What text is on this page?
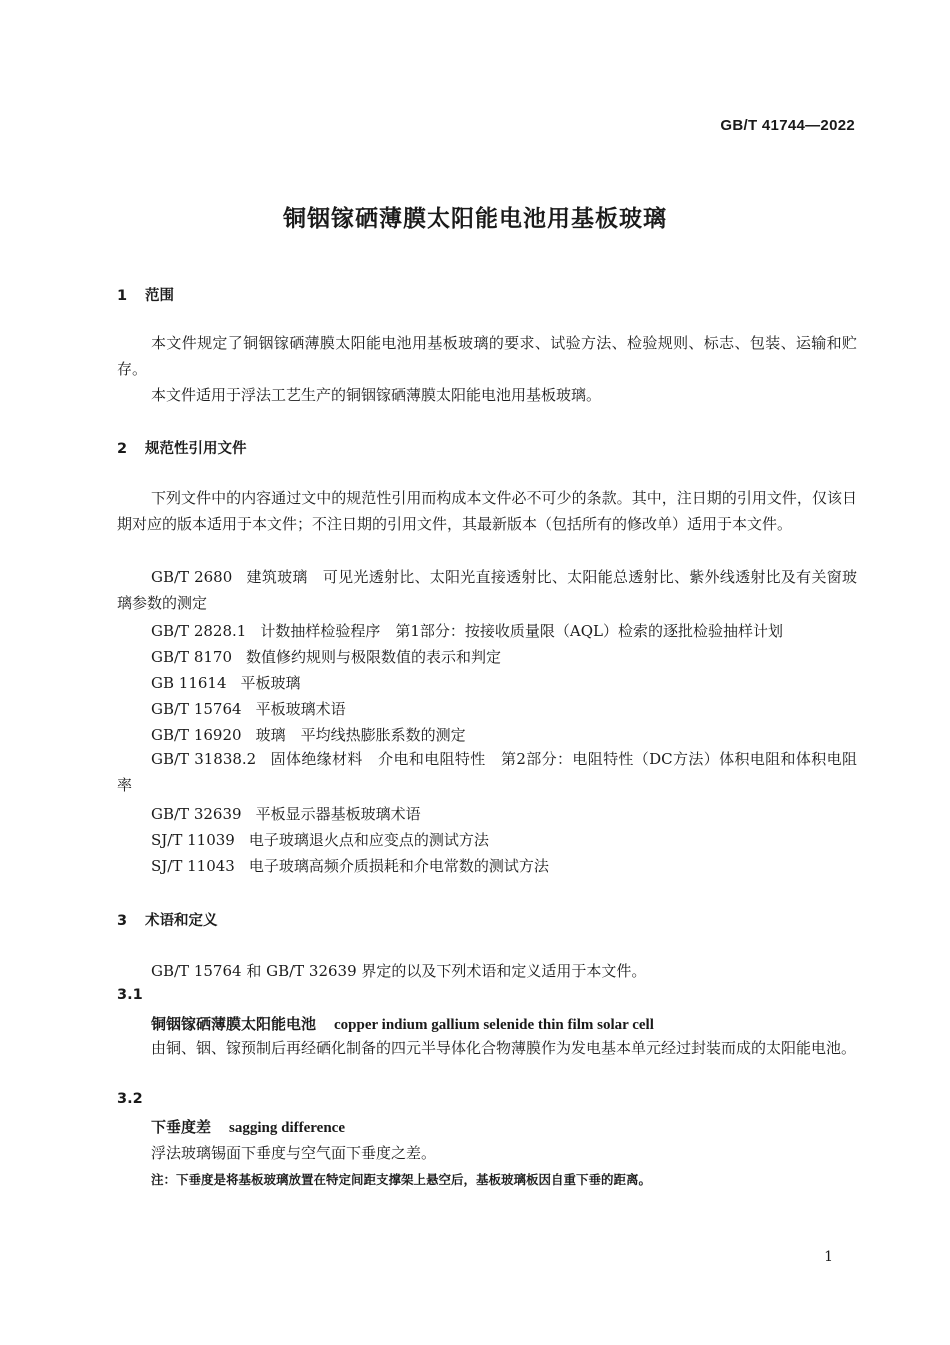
GB/T 41744—2022
铜铟镓硒薄膜太阳能电池用基板玻璃
1 范围
本文件规定了铜铟镓硒薄膜太阳能电池用基板玻璃的要求、试验方法、检验规则、标志、包装、运输和贮存。
本文件适用于浮法工艺生产的铜铟镓硒薄膜太阳能电池用基板玻璃。
2 规范性引用文件
下列文件中的内容通过文中的规范性引用而构成本文件必不可少的条款。其中，注日期的引用文件，仅该日期对应的版本适用于本文件；不注日期的引用文件，其最新版本（包括所有的修改单）适用于本文件。
GB/T 2680 建筑玻璃　可见光透射比、太阳光直接透射比、太阳能总透射比、紫外线透射比及有关窗玻璃参数的测定
GB/T 2828.1 计数抽样检验程序　第1部分：按接收质量限（AQL）检索的逐批检验抽样计划
GB/T 8170 数值修约规则与极限数值的表示和判定
GB 11614 平板玻璃
GB/T 15764 平板玻璃术语
GB/T 16920 玻璃　平均线热膨胀系数的测定
GB/T 31838.2 固体绝缘材料　介电和电阻特性　第2部分：电阻特性（DC方法）体积电阻和体积电阻率
GB/T 32639 平板显示器基板玻璃术语
SJ/T 11039 电子玻璃退火点和应变点的测试方法
SJ/T 11043 电子玻璃高频介质损耗和介电常数的测试方法
3 术语和定义
GB/T 15764 和 GB/T 32639 界定的以及下列术语和定义适用于本文件。
3.1
铜铟镓硒薄膜太阳能电池 copper indium gallium selenide thin film solar cell
由铜、铟、镓预制后再经硒化制备的四元半导体化合物薄膜作为发电基本单元经过封装而成的太阳能电池。
3.2
下垂度差 sagging difference
浮法玻璃锡面下垂度与空气面下垂度之差。
注：下垂度是将基板玻璃放置在特定间距支撑架上悬空后，基板玻璃板因自重下垂的距离。
1
